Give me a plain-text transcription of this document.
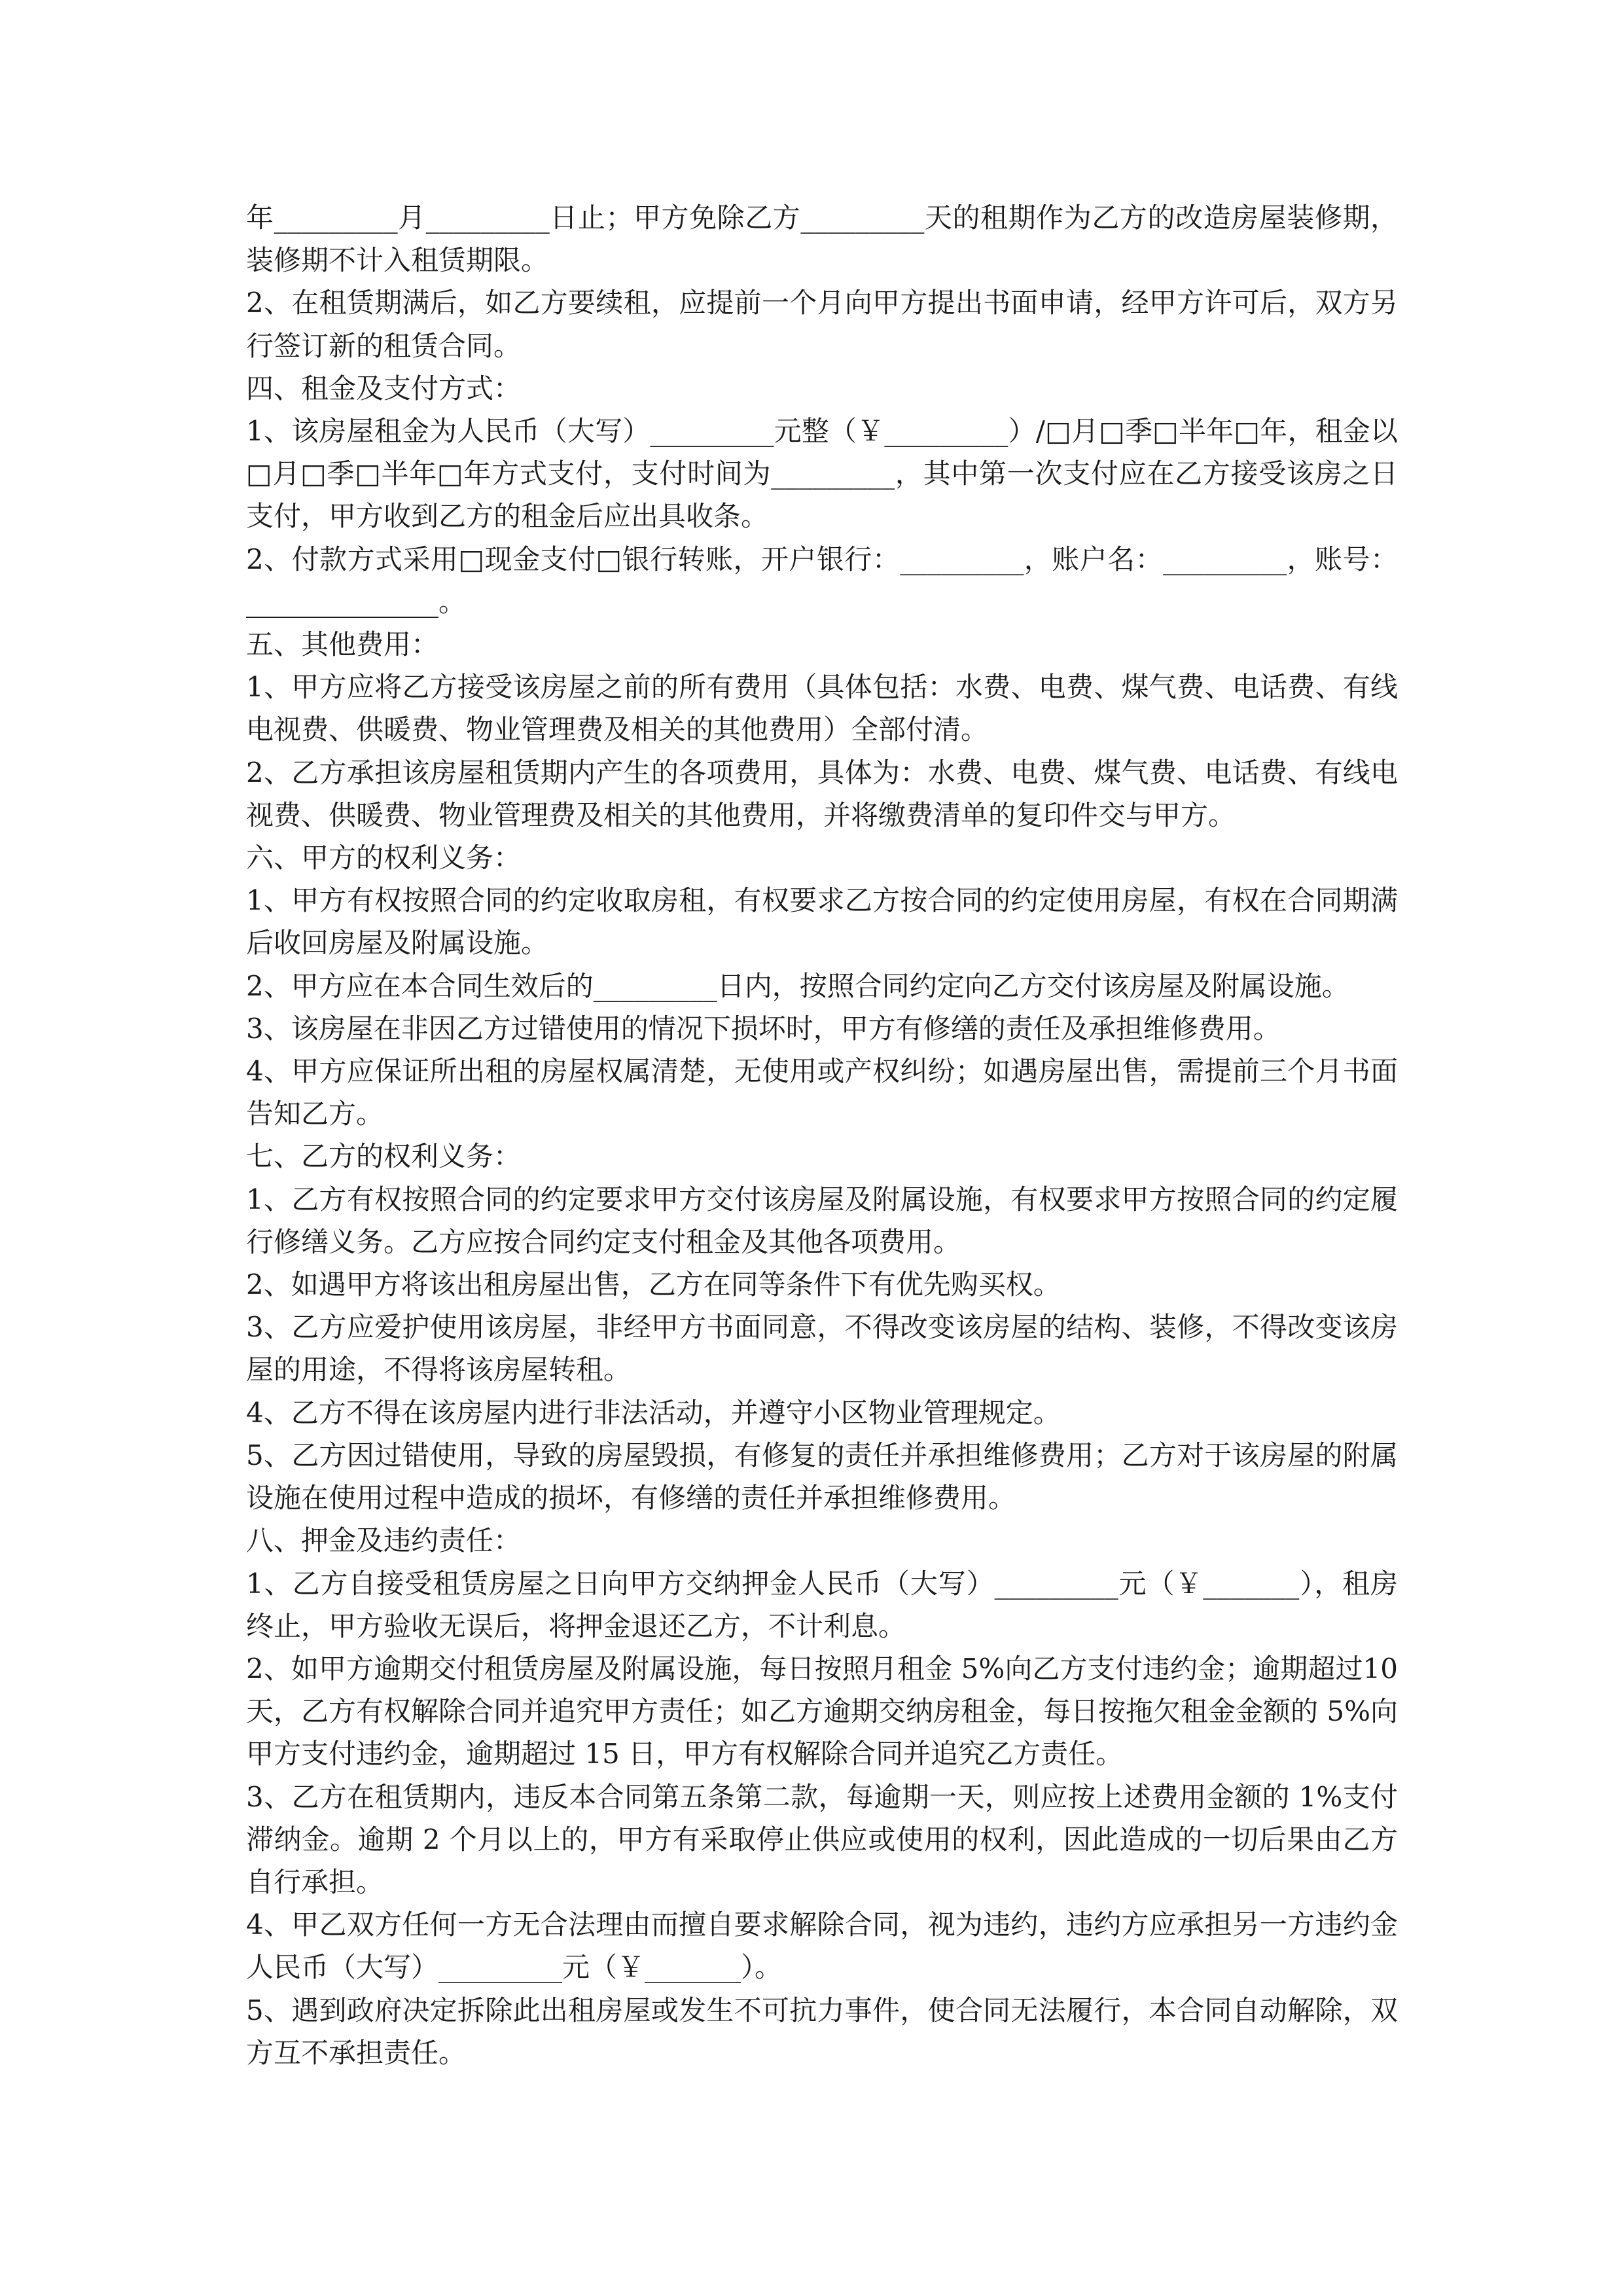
年_________月_________日止；甲方免除乙方_________天的租期作为乙方的改造房屋装修期，装修期不计入租赁期限。

2、在租赁期满后，如乙方要续租，应提前一个月向甲方提出书面申请，经甲方许可后，双方另行签订新的租赁合同。

四、租金及支付方式：

1、该房屋租金为人民币（大写）_________元整（￥_________）/□月□季□半年□年，租金以□月□季□半年□年方式支付，支付时间为_________，其中第一次支付应在乙方接受该房之日支付，甲方收到乙方的租金后应出具收条。

2、付款方式采用□现金支付□银行转账，开户银行：_________，账户名：_________，账号：______________。

五、其他费用：

1、甲方应将乙方接受该房屋之前的所有费用（具体包括：水费、电费、煤气费、电话费、有线电视费、供暖费、物业管理费及相关的其他费用）全部付清。

2、乙方承担该房屋租赁期内产生的各项费用，具体为：水费、电费、煤气费、电话费、有线电视费、供暖费、物业管理费及相关的其他费用，并将缴费清单的复印件交与甲方。

六、甲方的权利义务：

1、甲方有权按照合同的约定收取房租，有权要求乙方按合同的约定使用房屋，有权在合同期满后收回房屋及附属设施。

2、甲方应在本合同生效后的_________日内，按照合同约定向乙方交付该房屋及附属设施。

3、该房屋在非因乙方过错使用的情况下损坏时，甲方有修缮的责任及承担维修费用。

4、甲方应保证所出租的房屋权属清楚，无使用或产权纠纷；如遇房屋出售，需提前三个月书面告知乙方。

七、乙方的权利义务：

1、乙方有权按照合同的约定要求甲方交付该房屋及附属设施，有权要求甲方按照合同的约定履行修缮义务。乙方应按合同约定支付租金及其他各项费用。

2、如遇甲方将该出租房屋出售，乙方在同等条件下有优先购买权。

3、乙方应爱护使用该房屋，非经甲方书面同意，不得改变该房屋的结构、装修，不得改变该房屋的用途，不得将该房屋转租。

4、乙方不得在该房屋内进行非法活动，并遵守小区物业管理规定。

5、乙方因过错使用，导致的房屋毁损，有修复的责任并承担维修费用；乙方对于该房屋的附属设施在使用过程中造成的损坏，有修缮的责任并承担维修费用。

八、押金及违约责任：

1、乙方自接受租赁房屋之日向甲方交纳押金人民币（大写）_________元（￥_______），租房终止，甲方验收无误后，将押金退还乙方，不计利息。

2、如甲方逾期交付租赁房屋及附属设施，每日按照月租金 5%向乙方支付违约金；逾期超过10 天，乙方有权解除合同并追究甲方责任；如乙方逾期交纳房租金，每日按拖欠租金金额的 5%向甲方支付违约金，逾期超过 15 日，甲方有权解除合同并追究乙方责任。

3、乙方在租赁期内，违反本合同第五条第二款，每逾期一天，则应按上述费用金额的 1%支付滞纳金。逾期 2 个月以上的，甲方有采取停止供应或使用的权利，因此造成的一切后果由乙方自行承担。

4、甲乙双方任何一方无合法理由而擅自要求解除合同，视为违约，违约方应承担另一方违约金人民币（大写）_________元（￥_______）。

5、遇到政府决定拆除此出租房屋或发生不可抗力事件，使合同无法履行，本合同自动解除，双方互不承担责任。
